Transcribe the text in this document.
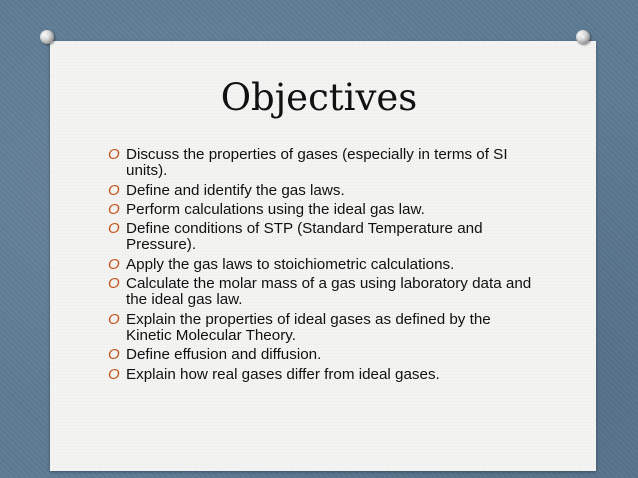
Objectives
O Discuss the properties of gases (especially in terms of SI units).
O Define and identify the gas laws.
O Perform calculations using the ideal gas law.
O Define conditions of STP (Standard Temperature and Pressure).
O Apply the gas laws to stoichiometric calculations.
O Calculate the molar mass of a gas using laboratory data and the ideal gas law.
O Explain the properties of ideal gases as defined by the Kinetic Molecular Theory.
O Define effusion and diffusion.
O Explain how real gases differ from ideal gases.
